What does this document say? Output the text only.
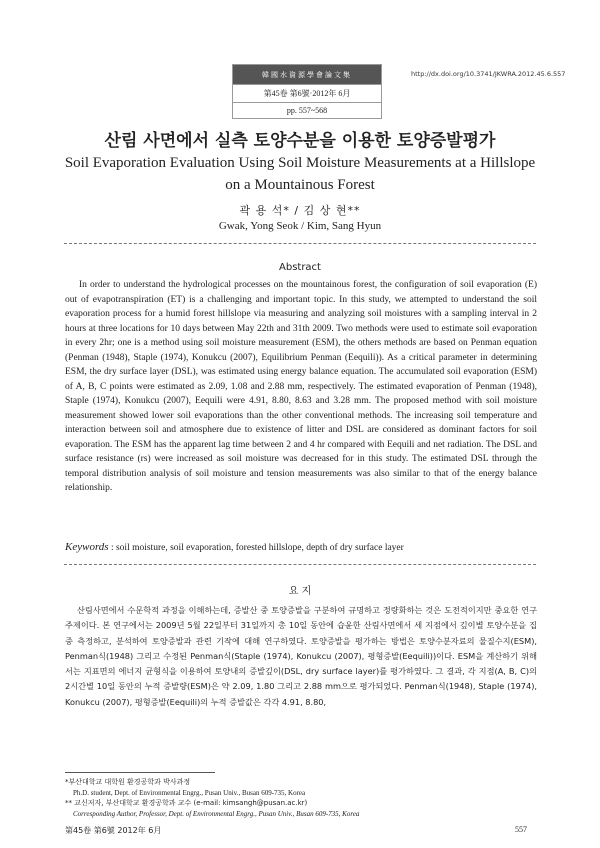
韓國水資源學會論文集
第45卷 第6號·2012年 6月
pp. 557~568
http://dx.doi.org/10.3741/JKWRA.2012.45.6.557
산림 사면에서 실측 토양수분을 이용한 토양증발평가
Soil Evaporation Evaluation Using Soil Moisture Measurements at a Hillslope on a Mountainous Forest
곽 용 석* / 김 상 현**
Gwak, Yong Seok / Kim, Sang Hyun
Abstract
In order to understand the hydrological processes on the mountainous forest, the configuration of soil evaporation (E) out of evapotranspiration (ET) is a challenging and important topic. In this study, we attempted to understand the soil evaporation process for a humid forest hillslope via measuring and analyzing soil moistures with a sampling interval in 2 hours at three locations for 10 days between May 22th and 31th 2009. Two methods were used to estimate soil evaporation in every 2hr; one is a method using soil moisture measurement (ESM), the others methods are based on Penman equation (Penman (1948), Staple (1974), Konukcu (2007), Equilibrium Penman (Eequili)). As a critical parameter in determining ESM, the dry surface layer (DSL), was estimated using energy balance equation. The accumulated soil evaporation (ESM) of A, B, C points were estimated as 2.09, 1.08 and 2.88 mm, respectively. The estimated evaporation of Penman (1948), Staple (1974), Konukcu (2007), Eequili were 4.91, 8.80, 8.63 and 3.28 mm. The proposed method with soil moisture measurement showed lower soil evaporations than the other conventional methods. The increasing soil temperature and interaction between soil and atmosphere due to existence of litter and DSL are considered as dominant factors for soil evaporation. The ESM has the apparent lag time between 2 and 4 hr compared with Eequili and net radiation. The DSL and surface resistance (rs) were increased as soil moisture was decreased for in this study. The estimated DSL through the temporal distribution analysis of soil moisture and tension measurements was also similar to that of the energy balance relationship.
Keywords : soil moisture, soil evaporation, forested hillslope, depth of dry surface layer
요 지
산림사면에서 수문학적 과정을 이해하는데, 증발산 중 토양증발을 구분하여 규명하고 정량화하는 것은 도전적이지만 중요한 연구 주제이다. 본 연구에서는 2009년 5월 22일부터 31일까지 총 10일 동안에 습윤한 산림사면에서 세 지점에서 깊이별 토양수분을 집중 측정하고, 분석하여 토양증발과 관련 기작에 대해 연구하였다. 토양증발을 평가하는 방법은 토양수분자료의 물질수지(ESM), Penman식(1948) 그리고 수정된 Penman식(Staple (1974), Konukcu (2007), 평형증발(Eequili))이다. ESM을 계산하기 위해서는 지표면의 에너지 균형식을 이용하여 토양내의 증발깊이(DSL, dry surface layer)를 평가하였다. 그 결과, 각 지점(A, B, C)의 2시간별 10일 동안의 누적 증발량(ESM)은 약 2.09, 1.80 그리고 2.88 mm으로 평가되었다. Penman식(1948), Staple (1974), Konukcu (2007), 평형증발(Eequili)의 누적 증발값은 각각 4.91, 8.80,
*부산대학교 대학원 환경공학과 박사과정
Ph.D. student, Dept. of Environmental Engrg., Pusan Univ., Busan 609-735, Korea
** 교신저자, 부산대학교 환경공학과 교수 (e-mail: kimsangh@pusan.ac.kr)
Corresponding Author, Professor, Dept. of Environmental Engrg., Pusan Univ., Busan 609-735, Korea
第45卷 第6號 2012年 6月	557
